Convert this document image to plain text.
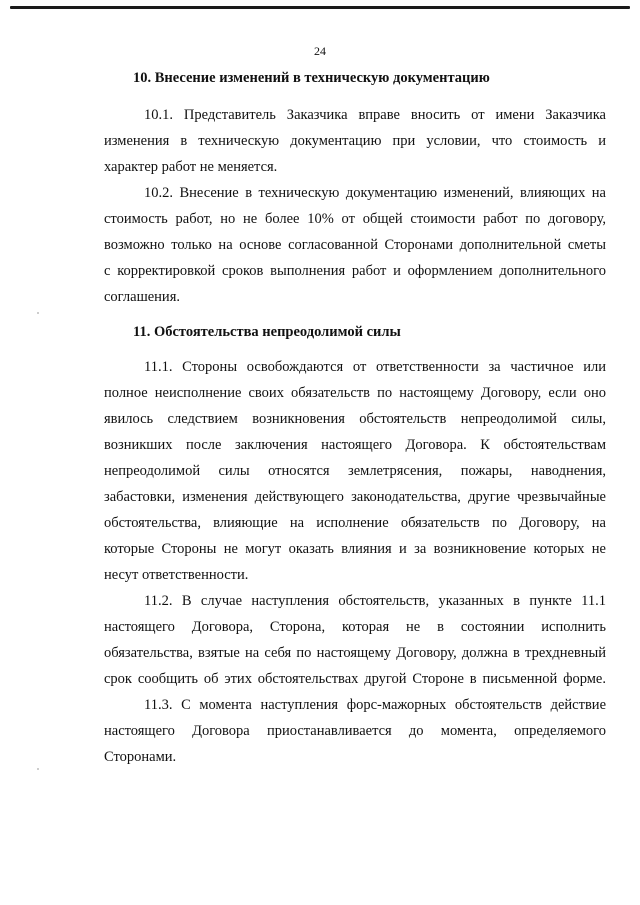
24
10. Внесение изменений в техническую документацию
10.1. Представитель Заказчика вправе вносить от имени Заказчика
изменения в техническую документацию при условии, что стоимость и
характер работ не меняется.
10.2. Внесение в техническую документацию изменений, влияющих на
стоимость работ, но не более 10% от общей стоимости работ по договору,
возможно только на основе согласованной Сторонами дополнительной сметы
с корректировкой сроков выполнения работ и оформлением дополнительного
соглашения.
11. Обстоятельства непреодолимой силы
11.1. Стороны освобождаются от ответственности за частичное или
полное неисполнение своих обязательств по настоящему Договору, если оно
явилось следствием возникновения обстоятельств непреодолимой силы,
возникших после заключения настоящего Договора. К обстоятельствам
непреодолимой силы относятся землетрясения, пожары, наводнения,
забастовки, изменения действующего законодательства, другие чрезвычайные
обстоятельства, влияющие на исполнение обязательств по Договору, на
которые Стороны не могут оказать влияния и за возникновение которых не
несут ответственности.
11.2. В случае наступления обстоятельств, указанных в пункте 11.1
настоящего Договора, Сторона, которая не в состоянии исполнить
обязательства, взятые на себя по настоящему Договору, должна в трехдневный
срок сообщить об этих обстоятельствах другой Стороне в письменной форме.
11.3. С момента наступления форс-мажорных обстоятельств действие
настоящего Договора приостанавливается до момента, определяемого
Сторонами.
